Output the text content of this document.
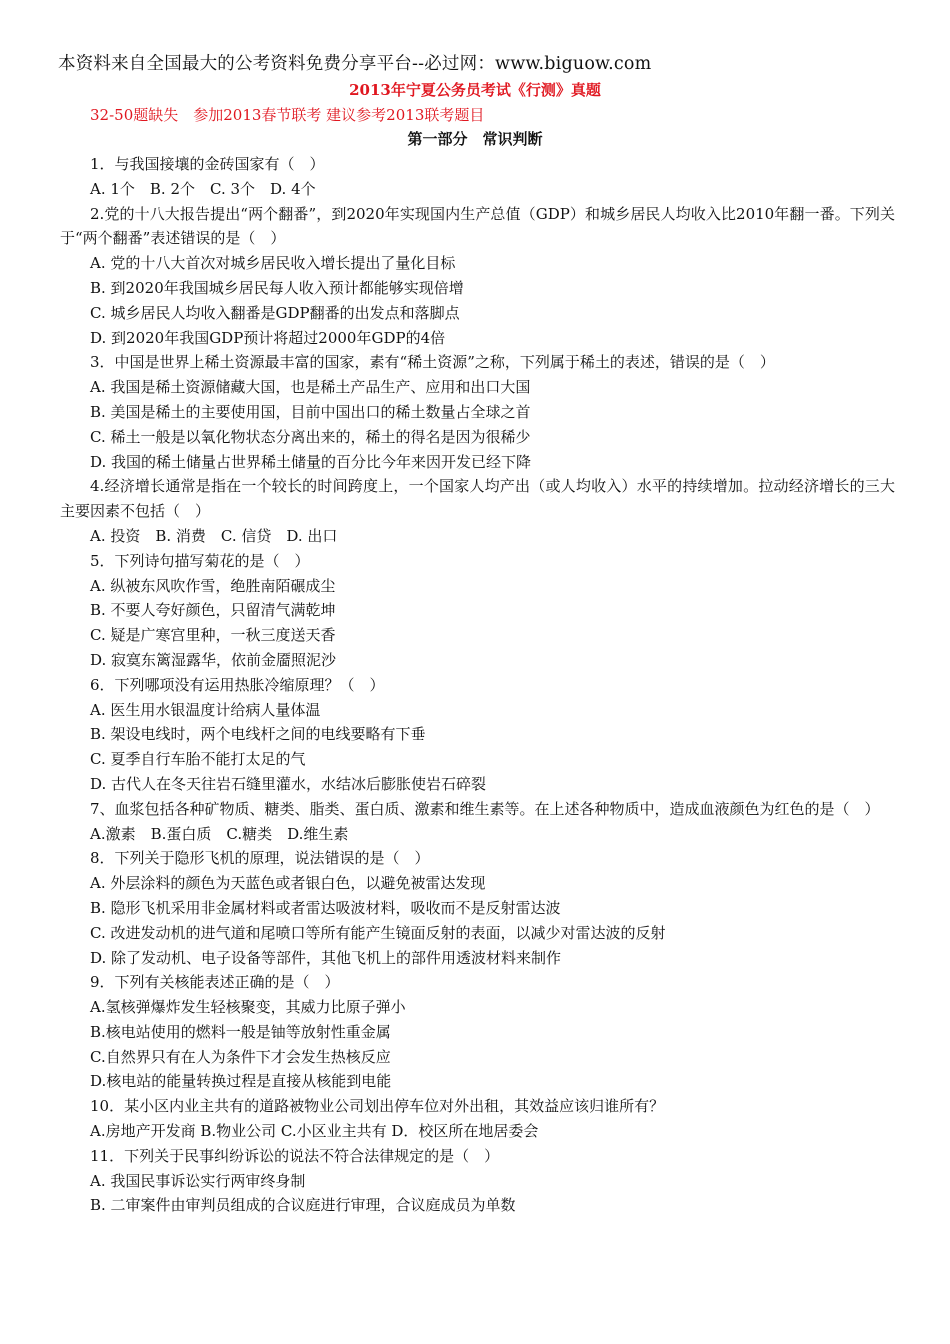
本资料来自全国最大的公考资料免费分享平台--必过网：www.biguow.com
2013年宁夏公务员考试《行测》真题
32-50题缺失　参加2013春节联考 建议参考2013联考题目
第一部分　常识判断

1．与我国接壤的金砖国家有（　）

A. 1个　B. 2个　C. 3个　D. 4个

2.党的十八大报告提出“两个翻番”，到2020年实现国内生产总值（GDP）和城乡居民人均收入比2010年翻一番。下列关于“两个翻番”表述错误的是（　）

A. 党的十八大首次对城乡居民收入增长提出了量化目标

B. 到2020年我国城乡居民每人收入预计都能够实现倍增

C. 城乡居民人均收入翻番是GDP翻番的出发点和落脚点

D. 到2020年我国GDP预计将超过2000年GDP的4倍

3．中国是世界上稀土资源最丰富的国家，素有“稀土资源”之称，下列属于稀土的表述，错误的是（　）

A. 我国是稀土资源储藏大国，也是稀土产品生产、应用和出口大国

B. 美国是稀土的主要使用国，目前中国出口的稀土数量占全球之首

C. 稀土一般是以氧化物状态分离出来的，稀土的得名是因为很稀少

D. 我国的稀土储量占世界稀土储量的百分比今年来因开发已经下降

4.经济增长通常是指在一个较长的时间跨度上，一个国家人均产出（或人均收入）水平的持续增加。拉动经济增长的三大主要因素不包括（　）

A. 投资　B. 消费　C. 信贷　D. 出口

5．下列诗句描写菊花的是（　）

A. 纵被东风吹作雪，绝胜南陌碾成尘

B. 不要人夸好颜色，只留清气满乾坤

C. 疑是广寒宫里种，一秋三度送天香

D. 寂寞东篱湿露华，依前金靥照泥沙

6．下列哪项没有运用热胀冷缩原理？（　）

A. 医生用水银温度计给病人量体温

B. 架设电线时，两个电线杆之间的电线要略有下垂

C. 夏季自行车胎不能打太足的气

D. 古代人在冬天往岩石缝里灌水，水结冰后膨胀使岩石碎裂

7、血浆包括各种矿物质、糖类、脂类、蛋白质、激素和维生素等。在上述各种物质中，造成血液颜色为红色的是（　）

A.激素　B.蛋白质　C.糖类　D.维生素

8．下列关于隐形飞机的原理，说法错误的是（　）

A. 外层涂料的颜色为天蓝色或者银白色，以避免被雷达发现

B. 隐形飞机采用非金属材料或者雷达吸波材料，吸收而不是反射雷达波

C. 改进发动机的进气道和尾喷口等所有能产生镜面反射的表面，以减少对雷达波的反射

D. 除了发动机、电子设备等部件，其他飞机上的部件用透波材料来制作

9．下列有关核能表述正确的是（　）

A.氢核弹爆炸发生轻核聚变，其威力比原子弹小

B.核电站使用的燃料一般是铀等放射性重金属

C.自然界只有在人为条件下才会发生热核反应

D.核电站的能量转换过程是直接从核能到电能

10．某小区内业主共有的道路被物业公司划出停车位对外出租，其效益应该归谁所有？

A.房地产开发商 B.物业公司 C.小区业主共有 D．校区所在地居委会

11．下列关于民事纠纷诉讼的说法不符合法律规定的是（　）

A. 我国民事诉讼实行两审终身制

B. 二审案件由审判员组成的合议庭进行审理，合议庭成员为单数
